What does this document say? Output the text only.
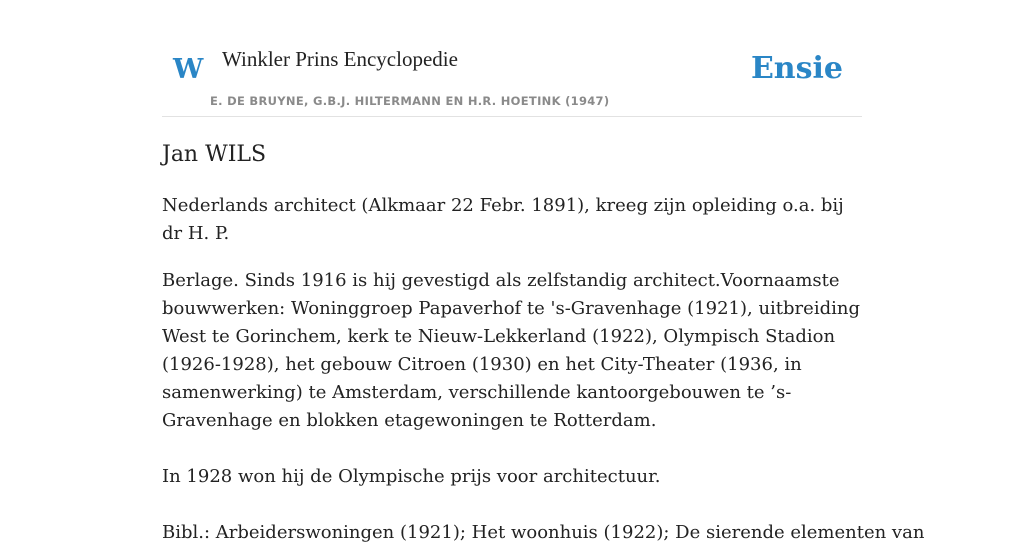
W Winkler Prins Encyclopedie
E. DE BRUYNE, G.B.J. HILTERMANN EN H.R. HOETINK (1947)
Ensie
Jan WILS

Nederlands architect (Alkmaar 22 Febr. 1891), kreeg zijn opleiding o.a. bij dr H. P.

Berlage. Sinds 1916 is hij gevestigd als zelfstandig architect.Voornaamste bouwwerken: Woninggroep Papaverhof te 's-Gravenhage (1921), uitbreiding West te Gorinchem, kerk te Nieuw-Lekkerland (1922), Olympisch Stadion (1926-1928), het gebouw Citroen (1930) en het City-Theater (1936, in samenwerking) te Amsterdam, verschillende kantoorgebouwen te ’s-Gravenhage en blokken etagewoningen te Rotterdam.

In 1928 won hij de Olympische prijs voor architectuur.

Bibl.: Arbeiderswoningen (1921); Het woonhuis (1922); De sierende elementen van
